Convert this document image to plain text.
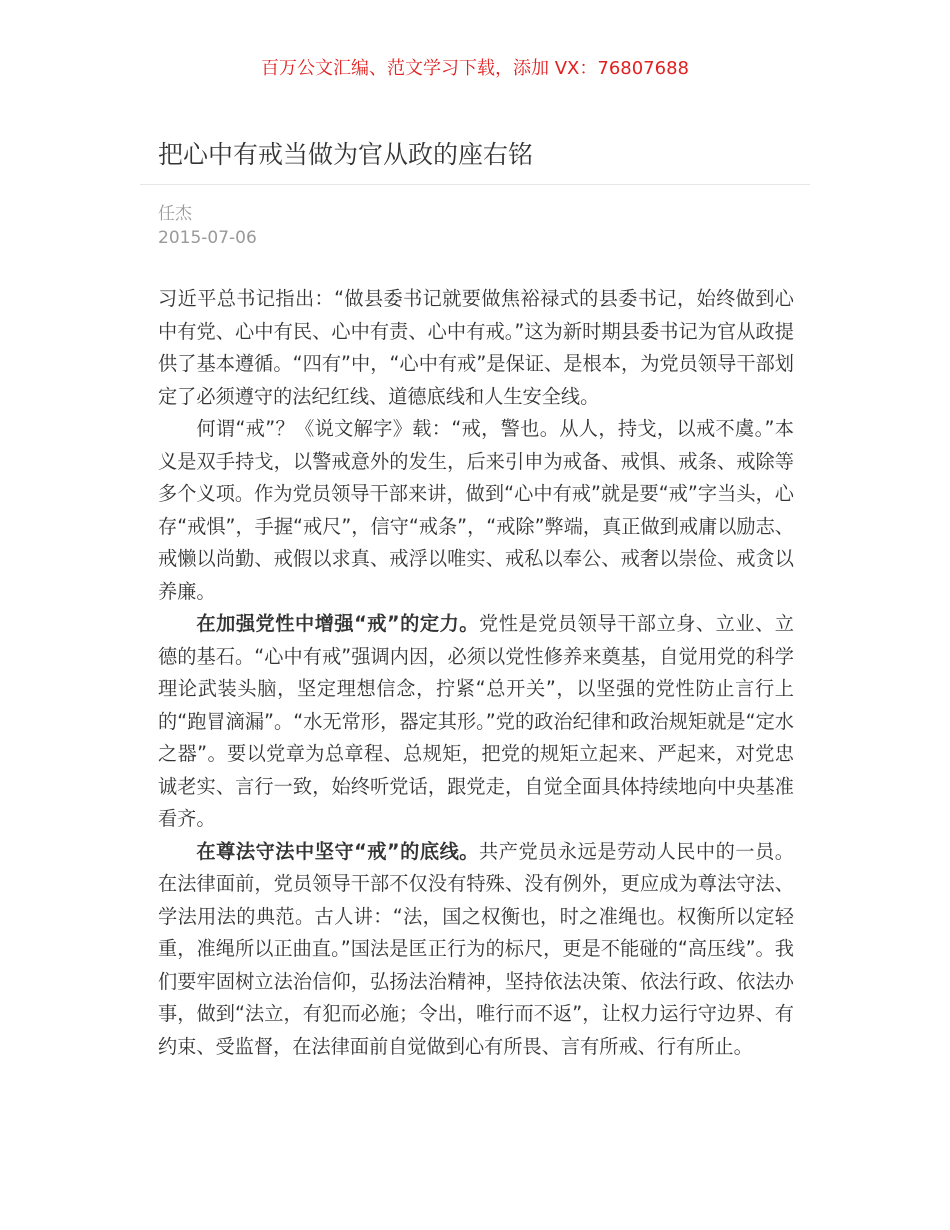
百万公文汇编、范文学习下载，添加 VX：76807688
把心中有戒当做为官从政的座右铭
任杰
2015-07-06

习近平总书记指出：“做县委书记就要做焦裕禄式的县委书记，始终做到心中有党、心中有民、心中有责、心中有戒。”这为新时期县委书记为官从政提供了基本遵循。“四有”中，“心中有戒”是保证、是根本，为党员领导干部划定了必须遵守的法纪红线、道德底线和人生安全线。

何谓“戒”？《说文解字》载：“戒，警也。从人，持戈，以戒不虞。”本义是双手持戈，以警戒意外的发生，后来引申为戒备、戒惧、戒条、戒除等多个义项。作为党员领导干部来讲，做到“心中有戒”就是要“戒”字当头，心存“戒惧”，手握“戒尺”，信守“戒条”，“戒除”弊端，真正做到戒庸以励志、戒懒以尚勤、戒假以求真、戒浮以唯实、戒私以奉公、戒奢以崇俭、戒贪以养廉。

在加强党性中增强“戒”的定力。党性是党员领导干部立身、立业、立德的基石。“心中有戒”强调内因，必须以党性修养来奠基，自觉用党的科学理论武装头脑，坚定理想信念，拧紧“总开关”，以坚强的党性防止言行上的“跑冒滴漏”。“水无常形，器定其形。”党的政治纪律和政治规矩就是“定水之器”。要以党章为总章程、总规矩，把党的规矩立起来、严起来，对党忠诚老实、言行一致，始终听党话，跟党走，自觉全面具体持续地向中央基准看齐。

在尊法守法中坚守“戒”的底线。共产党员永远是劳动人民中的一员。在法律面前，党员领导干部不仅没有特殊、没有例外，更应成为尊法守法、学法用法的典范。古人讲：“法，国之权衡也，时之准绳也。权衡所以定轻重，准绳所以正曲直。”国法是匡正行为的标尺，更是不能碰的“高压线”。我们要牢固树立法治信仰，弘扬法治精神，坚持依法决策、依法行政、依法办事，做到“法立，有犯而必施；令出，唯行而不返”，让权力运行守边界、有约束、受监督，在法律面前自觉做到心有所畏、言有所戒、行有所止。
